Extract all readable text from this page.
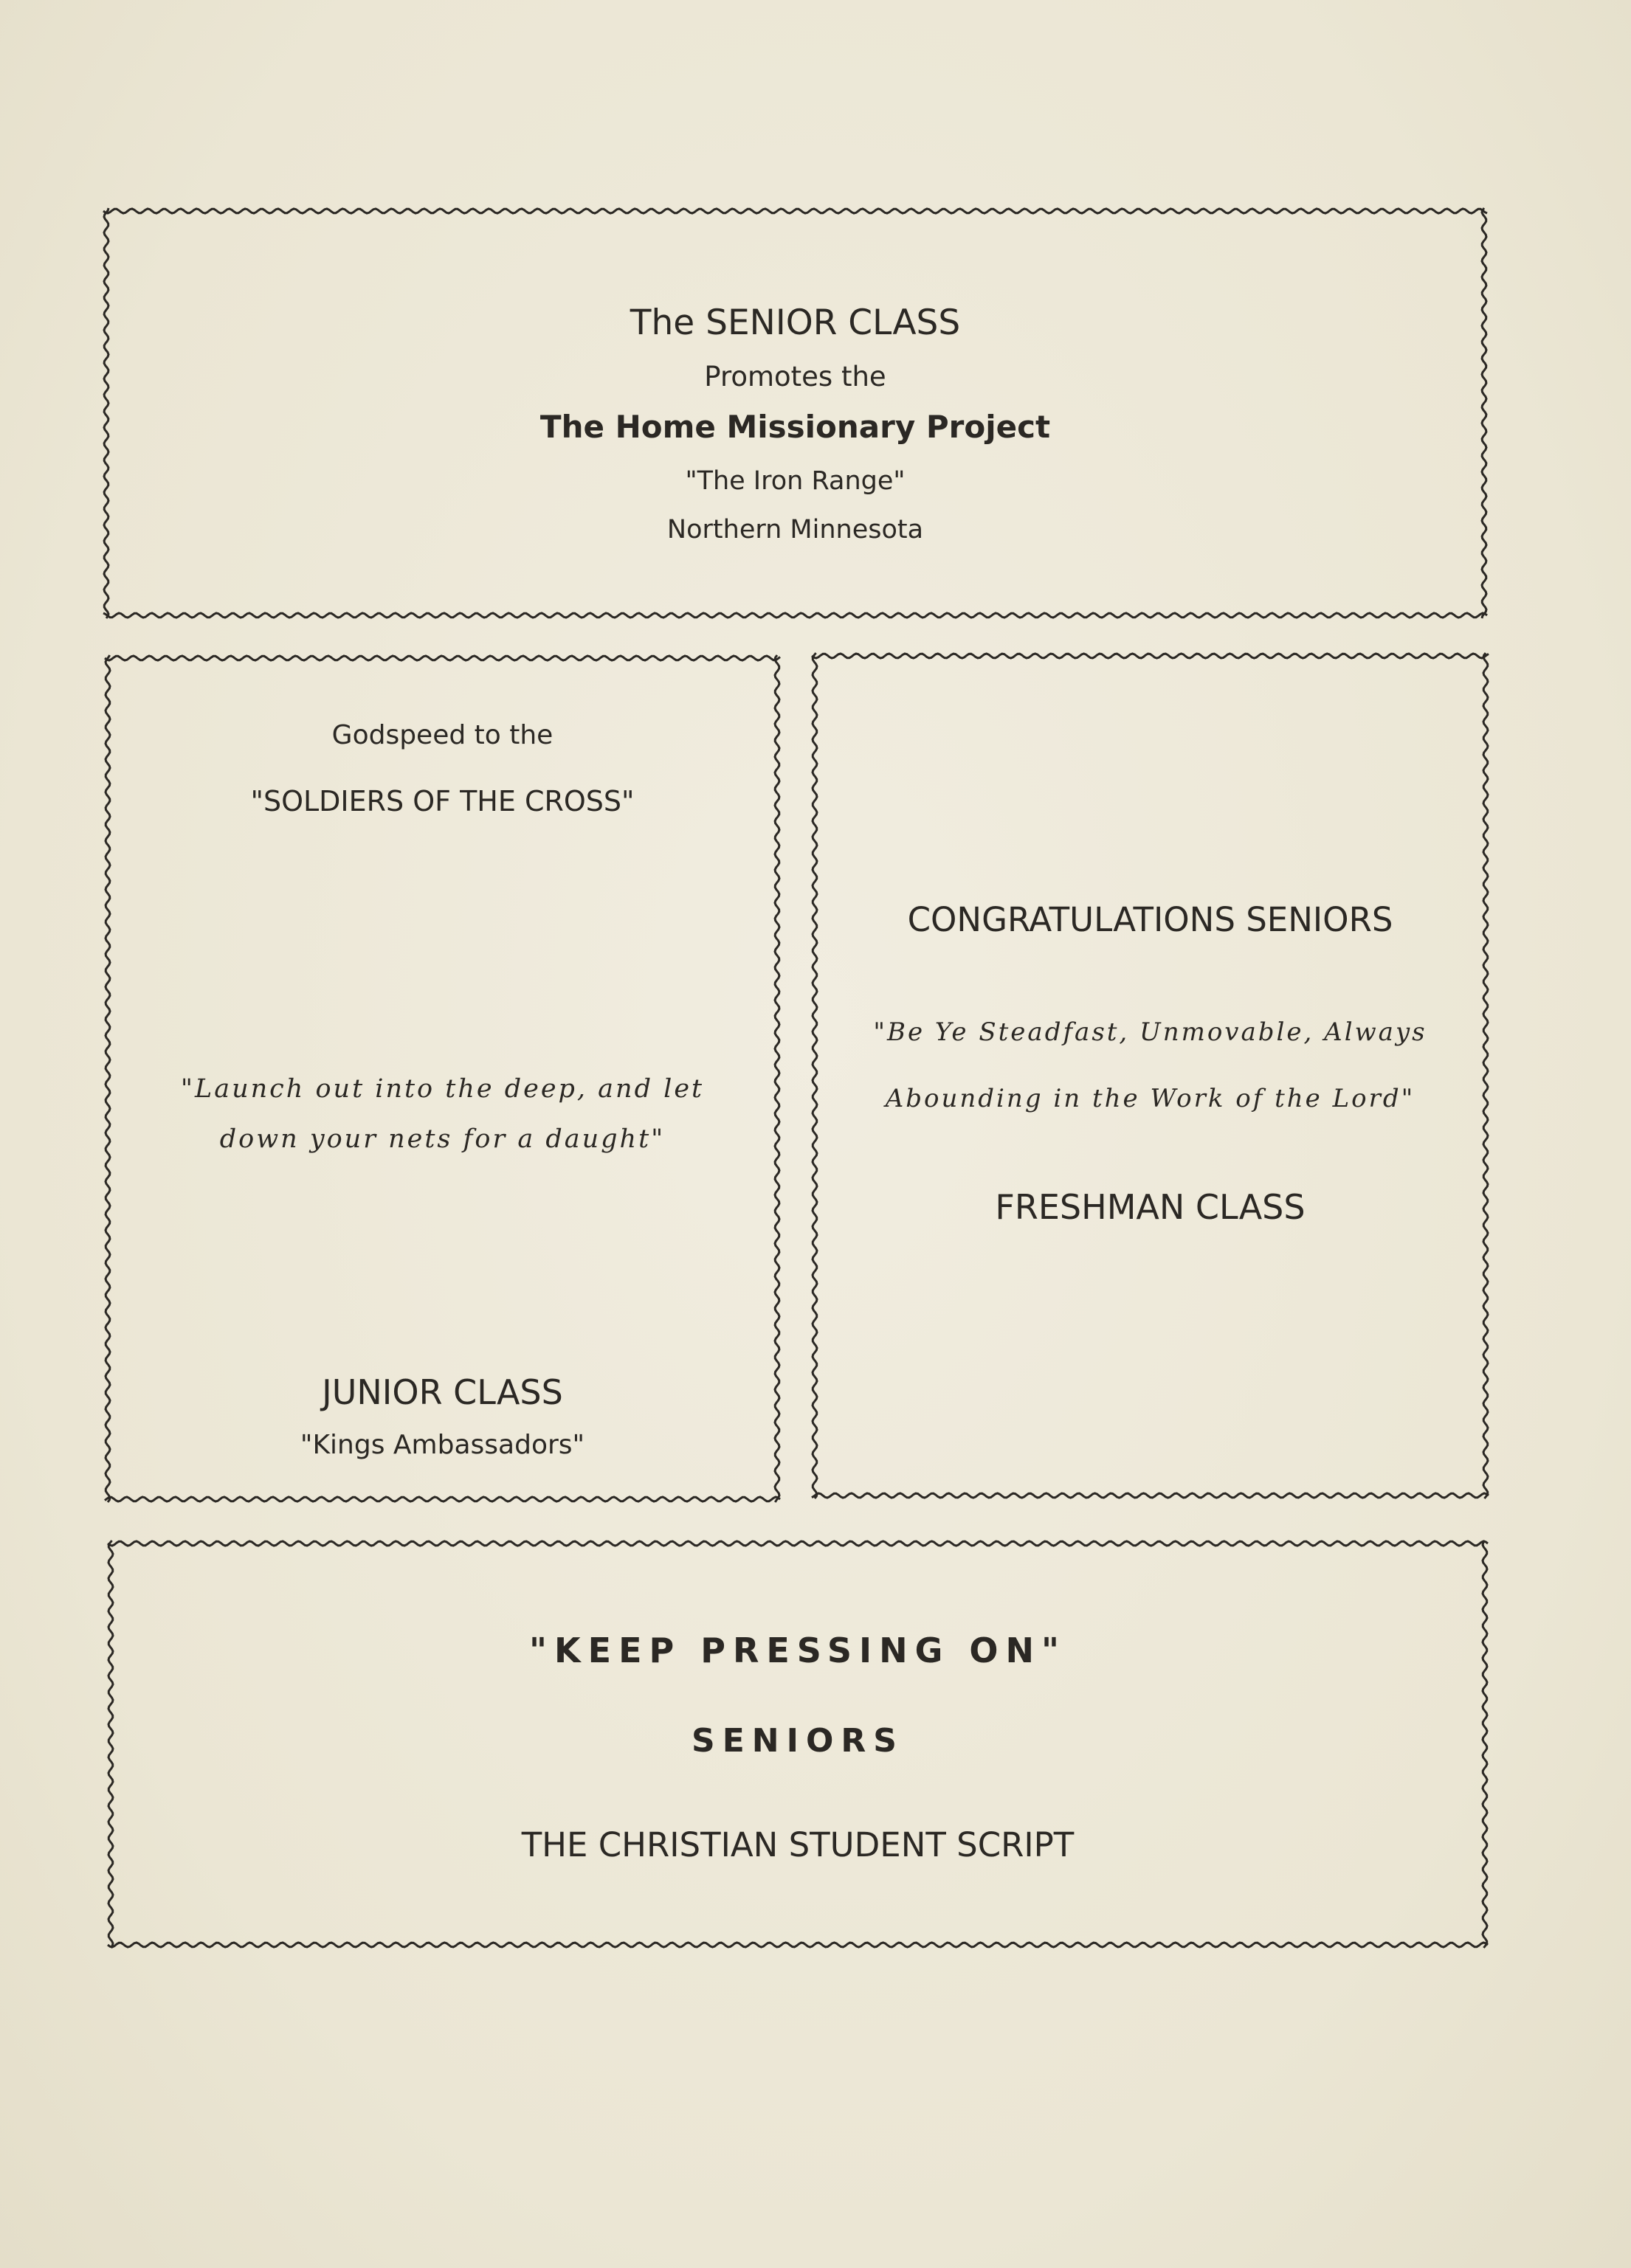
The SENIOR CLASS
Promotes the
The Home Missionary Project
"The Iron Range"
Northern Minnesota
Godspeed to the
"SOLDIERS OF THE CROSS"
"Launch out into the deep, and let
down your nets for a daught"
JUNIOR CLASS
"Kings Ambassadors"
CONGRATULATIONS SENIORS
"Be Ye Steadfast, Unmovable, Always
Abounding in the Work of the Lord"
FRESHMAN CLASS
"KEEP PRESSING ON"
SENIORS
THE CHRISTIAN STUDENT SCRIPT
